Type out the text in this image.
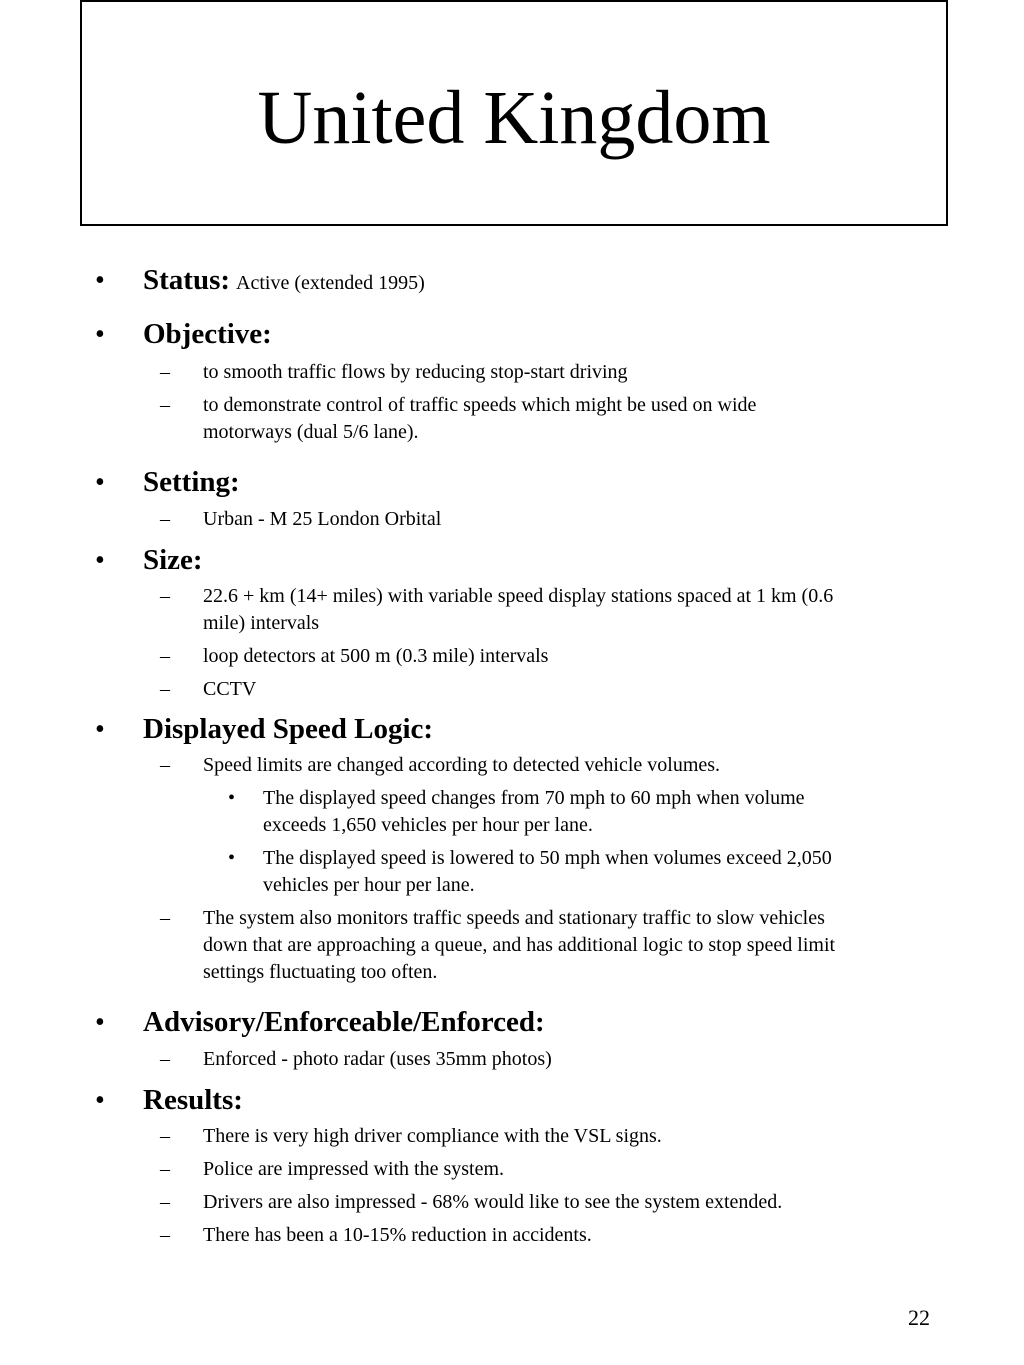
United Kingdom
• Status: Active (extended 1995)
• Objective:
– to smooth traffic flows by reducing stop-start driving
– to demonstrate control of traffic speeds which might be used on wide
motorways (dual 5/6 lane).
• Setting:
– Urban - M 25 London Orbital
• Size:
– 22.6 + km (14+ miles) with variable speed display stations spaced at 1 km (0.6
mile) intervals
– loop detectors at 500 m (0.3 mile) intervals
– CCTV
• Displayed Speed Logic:
– Speed limits are changed according to detected vehicle volumes.
• The displayed speed changes from 70 mph to 60 mph when volume
exceeds 1,650 vehicles per hour per lane.
• The displayed speed is lowered to 50 mph when volumes exceed 2,050
vehicles per hour per lane.
– The system also monitors traffic speeds and stationary traffic to slow vehicles
down that are approaching a queue, and has additional logic to stop speed limit
settings fluctuating too often.
• Advisory/Enforceable/Enforced:
– Enforced - photo radar (uses 35mm photos)
• Results:
– There is very high driver compliance with the VSL signs.
– Police are impressed with the system.
– Drivers are also impressed - 68% would like to see the system extended.
– There has been a 10-15% reduction in accidents.
22
